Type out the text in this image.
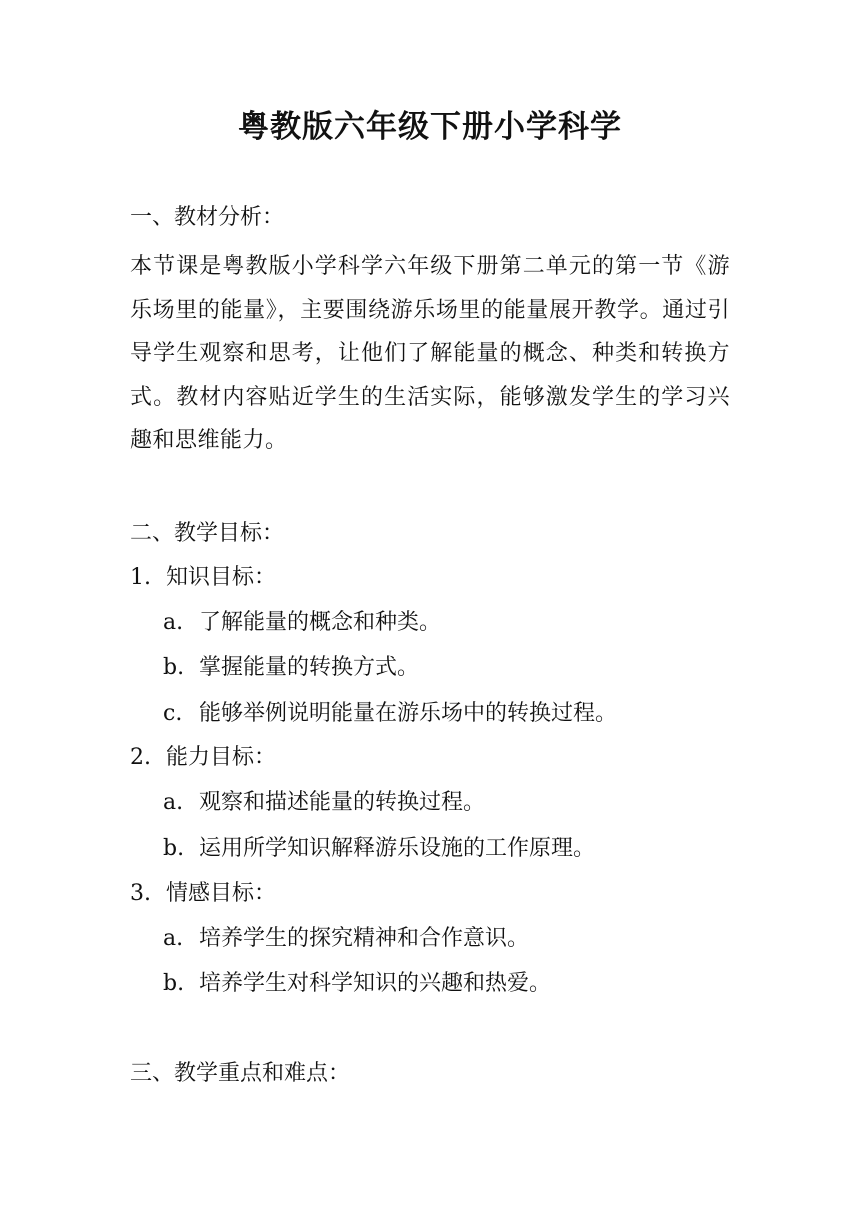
粤教版六年级下册小学科学
一、教材分析：
本节课是粤教版小学科学六年级下册第二单元的第一节《游乐场里的能量》，主要围绕游乐场里的能量展开教学。通过引导学生观察和思考，让他们了解能量的概念、种类和转换方式。教材内容贴近学生的生活实际，能够激发学生的学习兴趣和思维能力。
二、教学目标：
1. 知识目标：
a. 了解能量的概念和种类。
b. 掌握能量的转换方式。
c. 能够举例说明能量在游乐场中的转换过程。
2. 能力目标：
a. 观察和描述能量的转换过程。
b. 运用所学知识解释游乐设施的工作原理。
3. 情感目标：
a. 培养学生的探究精神和合作意识。
b. 培养学生对科学知识的兴趣和热爱。
三、教学重点和难点：
